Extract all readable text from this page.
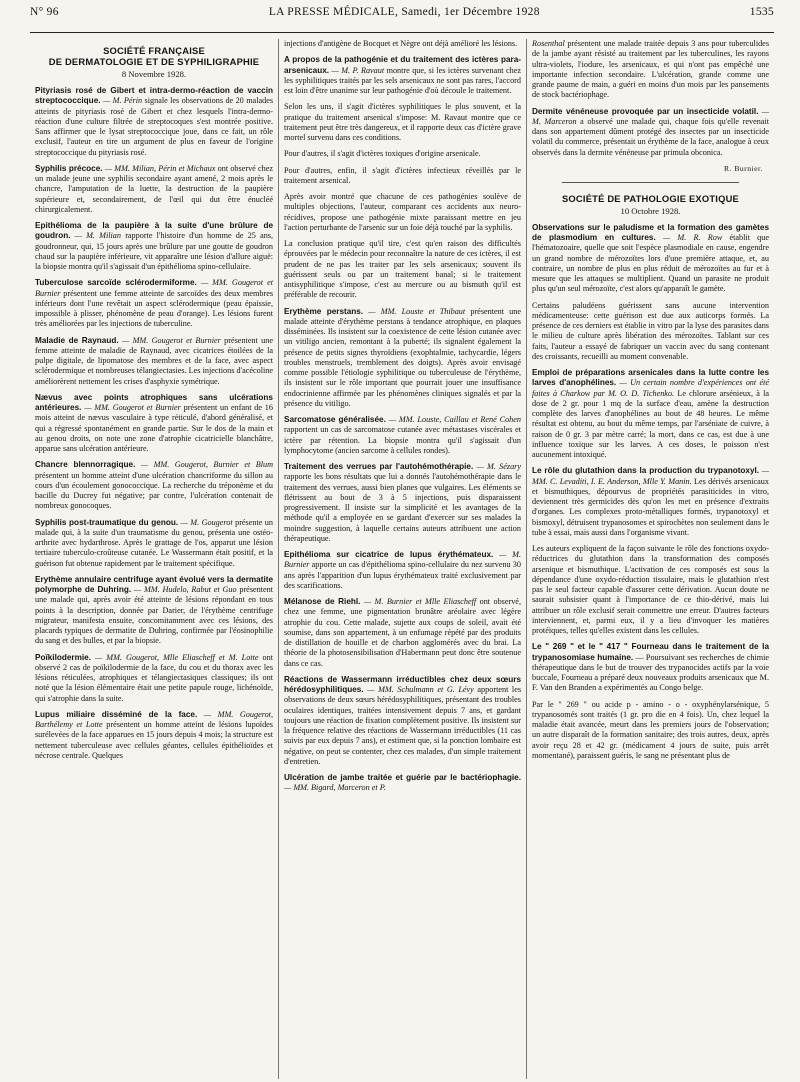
N° 96	LA PRESSE MÉDICALE, Samedi, 1er Décembre 1928	1535
SOCIÉTÉ FRANÇAISE
DE DERMATOLOGIE ET DE SYPHILIGRAPHIE
8 Novembre 1928.

Pityriasis rosé de Gibert et intra-dermo-réaction de vaccin streptococcique. — M. Périn signale les observations de 20 malades atteints de pityriasis rosé de Gibert et chez lesquels l'intra-dermo-réaction d'une culture filtrée de streptocoques s'est montrée positive. Sans affirmer que le lysat streptococcique joue, dans ce fait, un rôle exclusif, l'auteur en tire un argument de plus en faveur de l'origine streptococcique du pityriasis rosé.

Syphilis précoce. — MM. Milian, Périn et Michaux ont observé chez un malade jeune une syphilis secondaire ayant amené, 2 mois après le chancre, l'amputation de la luette, la destruction de la paupière supérieure et, secondairement, de l'œil qui dut être énucléé chirurgicalement.

Epithélioma de la paupière à la suite d'une brûlure de goudron. — M. Milian rapporte l'histoire d'un homme de 25 ans, goudronneur, qui, 15 jours après une brûlure par une goutte de goudron chaud sur la paupière inférieure, vit apparaître une lésion d'allure aiguë: la biopsie montra qu'il s'agissait d'un épithélioma spino-cellulaire.

Tuberculose sarcoïde sclérodermiforme. — MM. Gougerot et Burnier présentent une femme atteinte de sarcoïdes des deux membres inférieurs dont l'une revêtait un aspect sclérodermique (peau épaissie, impossible à plisser, phénomène de peau d'orange). Les lésions furent très améliorées par les injections de tuberculine.

Maladie de Raynaud. — MM. Gougerot et Burnier présentent une femme atteinte de maladie de Raynaud, avec cicatrices étoilées de la pulpe digitale, de lipomatose des membres et de la face, avec aspect sclérodermique et nombreuses télangiectasies. Les injections d'acécoline améliorèrent nettement les crises d'asphyxie symétrique.

Nævus avec points atrophiques sans ulcérations antérieures. — MM. Gougerot et Burnier présentent un enfant de 16 mois atteint de nævus vasculaire à type réticulé, d'abord généralisé, et qui a régressé spontanément en grande partie. Sur le dos de la main et au genou droits, on note une zone d'atrophie cicatricielle blanchâtre, apparue sans ulcération antérieure.

Chancre blennorragique. — MM. Gougerot, Burnier et Blum présentent un homme atteint d'une ulcération chancriforme du sillon au cours d'un écoulement gonococcique. La recherche du tréponème et du bacille du Ducrey fut négative; par contre, l'ulcération contenait de nombreux gonocoques.

Syphilis post-traumatique du genou. — M. Gougerot présente un malade qui, à la suite d'un traumatisme du genou, présenta une ostéo-arthrite avec hydarthrose. Après le grattage de l'os, apparut une lésion tertiaire tuberculo-croûteuse cutanée. Le Wassermann était positif, et la guérison fut obtenue rapidement par le traitement spécifique.

Erythème annulaire centrifuge ayant évolué vers la dermatite polymorphe de Duhring. — MM. Hudelo, Rabut et Guo présentent une malade qui, après avoir été atteinte de lésions répondant en tous points à la description, donnée par Darier, de l'érythème centrifuge migrateur, manifesta ensuite, concomitamment avec ces lésions, des placards typiques de dermatite de Duhring, confirmée par l'éosinophilie du sang et des bulles, et par la biopsie.

Poïkilodermie. — MM. Gougerot, Mlle Eliascheff et M. Lotte ont observé 2 cas de poïkilodermie de la face, du cou et du thorax avec les lésions réticulées, atrophiques et télangiectasiques classiques; ils ont noté que la lésion élémentaire était une petite papule rouge, lichénoïde, qui s'atrophie dans la suite.

Lupus miliaire disséminé de la face. — MM. Gougerot, Barthélemy et Lotte présentent un homme atteint de lésions lupoïdes surélevées de la face apparues en 15 jours depuis 4 mois; la structure est nettement tuberculeuse avec cellules géantes, cellules épithélioïdes et nécrose centrale. Quelques

injections d'antigène de Bocquet et Nègre ont déjà amélioré les lésions.

A propos de la pathogénie et du traitement des ictères para-arsenicaux. — M. P. Ravaut montre que, si les ictères survenant chez les syphilitiques traités par les sels arsenicaux ne sont pas rares, l'accord est loin d'être unanime sur leur pathogénie d'où découle le traitement.

Selon les uns, il s'agit d'ictères syphilitiques le plus souvent, et la pratique du traitement arsenical s'impose: M. Ravaut montre que ce traitement peut être très dangereux, et il rapporte deux cas d'ictère grave mortel survenu dans ces conditions.

Pour d'autres, il s'agit d'ictères toxiques d'origine arsenicale.

Pour d'autres, enfin, il s'agit d'ictères infectieux réveillés par le traitement arsenical.

Après avoir montré que chacune de ces pathogénies soulève de multiples objections, l'auteur, comparant ces accidents aux neuro-récidives, propose une pathogénie mixte paraissant mettre en jeu l'action perturbante de l'arsenic sur un foie déjà touché par la syphilis.

La conclusion pratique qu'il tire, c'est qu'en raison des difficultés éprouvées par le médecin pour reconnaître la nature de ces ictères, il est prudent de ne pas les traiter par les sels arsenicaux; souvent ils guérissent seuls ou par un traitement banal; si le traitement antisyphilitique s'impose, c'est au mercure ou au bismuth qu'il est préférable de recourir.

Erythème perstans. — MM. Louste et Thibaut présentent une malade atteinte d'érythème perstans à tendance atrophique, en plaques disséminées. Ils insistent sur la coexistence de cette lésion cutanée avec un vitiligo ancien, remontant à la puberté; ils signalent également la présence de petits signes thyroïdiens (exophtalmie, tachycardie, légers troubles menstruels, tremblement des doigts). Après avoir envisagé comme possible l'étiologie syphilitique ou tuberculeuse de l'érythème, ils insistent sur le rôle important que pourrait jouer une insuffisance endocrinienne affirmée par les phénomènes cliniques signalés et par la présence du vitiligo.

Sarcomatose généralisée. — MM. Louste, Caillau et René Cohen rapportent un cas de sarcomatose cutanée avec métastases viscérales et ictère par rétention. La biopsie montra qu'il s'agissait d'un lymphocytome (ancien sarcome à cellules rondes).

Traitement des verrues par l'autohémothérapie. — M. Sézary rapporte les bons résultats que lui a donnés l'autohémothérapie dans le traitement des verrues, aussi bien planes que vulgaires. Les éléments se flétrissent au bout de 3 à 5 injections, puis disparaissent progressivement. Il insiste sur la simplicité et les avantages de la méthode qu'il a employée en se gardant d'exercer sur ses malades la moindre suggestion, à laquelle certains auteurs attribuent une action thérapeutique.

Epithélioma sur cicatrice de lupus érythémateux. — M. Burnier apporte un cas d'épithélioma spino-cellulaire du nez survenu 30 ans après l'apparition d'un lupus érythémateux traité exclusivement par des scarifications.

Mélanose de Riehl. — M. Burnier et Mlle Eliascheff ont observé, chez une femme, une pigmentation brunâtre aréolaire avec légère atrophie du cou. Cette malade, sujette aux coups de soleil, avait été soumise, dans son appartement, à un enfumage répété par des produits de distillation de houille et de charbon agglomérés avec du brai. La théorie de la photosensibilisation d'Habermann peut donc être soutenue dans ce cas.

Réactions de Wassermann irréductibles chez deux sœurs hérédosyphilitiques. — MM. Schulmann et G. Lévy apportent les observations de deux sœurs hérédosyphilitiques, présentant des troubles oculaires identiques, traitées intensivement depuis 7 ans, et gardant toujours une réaction de fixation complètement positive. Ils insistent sur la fréquence relative des réactions de Wassermann irréductibles (11 cas suivis par eux depuis 7 ans), et estiment que, si la ponction lombaire est négative, on peut se contenter, chez ces malades, d'un simple traitement d'entretien.

Ulcération de jambe traitée et guérie par le bactériophagie. — MM. Bigard, Marceron et P.

Rosenthal présentent une malade traitée depuis 3 ans pour tuberculides de la jambe ayant résisté au traitement par les tuberculines, les rayons ultra-violets, l'iodure, les arsenicaux, et qui n'ont pas empêché une importante infection secondaire. L'ulcération, grande comme une grande paume de main, a guéri en moins d'un mois par les pansements de stock bactériophage.

Dermite vénéneuse provoquée par un insecticide volatil. — M. Marceron a observé une malade qui, chaque fois qu'elle revenait dans son appartement dûment protégé des insectes par un insecticide volatil du commerce, présentait un érythème de la face, analogue à ceux observés dans la dermite vénéneuse par primula obconica.

R. Burnier.
SOCIÉTÉ DE PATHOLOGIE EXOTIQUE
10 Octobre 1928.

Observations sur le paludisme et la formation des gamètes de plasmodium en cultures. — M. R. Row établit que l'hématozoaire, quelle que soit l'espèce plasmodiale en cause, engendre un grand nombre de mérozoïtes lors d'une première attaque, et, au contraire, un nombre de plus en plus réduit de mérozoïtes au fur et à mesure que les attaques se multiplient. Quand un parasite ne produit plus qu'un seul mérozoïte, c'est alors qu'apparaît le gamète.

Certains paludéens guérissent sans aucune intervention médicamenteuse: cette guérison est due aux auticorps formés. La présence de ces derniers est établie in vitro par la lyse des parasites dans le milieu de culture après libération des mérozoïtes. Tablant sur ces faits, l'auteur a essayé de fabriquer un vaccin avec du sang contenant des croissants, recueilli au moment convenable.

Emploi de préparations arsenicales dans la lutte contre les larves d'anophélines. — Un certain nombre d'expériences ont été faites à Charkow par M. O. D. Tichenko. Le chlorure arsénieux, à la dose de 2 gr. pour 1 mq de la surface d'eau, amène la destruction complète des larves d'anophélines au bout de 48 heures. Le même résultat est obtenu, au bout du même temps, par l'arséniate de cuivre, à raison de 0 gr. 3 par mètre carré; la mort, dans ce cas, est due à une influence toxique sur les larves. A ces doses, le poisson n'est aucunement intoxiqué.

Le rôle du glutathion dans la production du trypanotoxyl. — MM. C. Levaditi, I. E. Anderson, Mlle Y. Manin. Les dérivés arsenicaux et bismuthiques, dépourvus de propriétés parasiticides in vitro, deviennent très germicides dès qu'on les met en présence d'extraits d'organes. Les complexes proto-métalliques formés, trypanotoxyl et bismoxyl, détruisent trypanosomes et spirochètes non seulement dans le tube à essai, mais aussi dans l'organisme vivant.

Les auteurs expliquent de la façon suivante le rôle des fonctions oxydo-réductrices du glutathion dans la transformation des composés arsenique et bismuthique. L'activation de ces composés est sous la dépendance d'une oxydo-réduction tissulaire, mais le glutathion n'est pas le seul facteur capable d'assurer cette dérivation. Aucun doute ne saurait subsister quant à l'importance de ce thio-dérivé, mais lui attribuer un rôle exclusif serait commettre une erreur. D'autres facteurs interviennent, et, parmi eux, il y a lieu d'invoquer les matières protéiques, telles qu'elles existent dans les cellules.

Le " 269 " et le " 417 " Fourneau dans le traitement de la trypanosomiase humaine. — Poursuivant ses recherches de chimie thérapeutique dans le but de trouver des trypanocides actifs par la voie buccale, Fourneau a préparé deux nouveaux produits arsenicaux que M. F. Van den Branden a expérimentés au Congo belge.

Par le " 269 " ou acide p - amino - o - oxyphénylarsénique, 5 trypanosomés sont traités (1 gr. pro die en 4 fois). Un, chez lequel la maladie était avancée, meurt dans les premiers jours de l'observation; un autre disparaît de la formation sanitaire; des trois autres, deux, après avoir reçu 28 et 42 gr. (médicament 4 jours de suite, puis arrêt momentané), paraissent guéris, le sang ne présentant plus de
